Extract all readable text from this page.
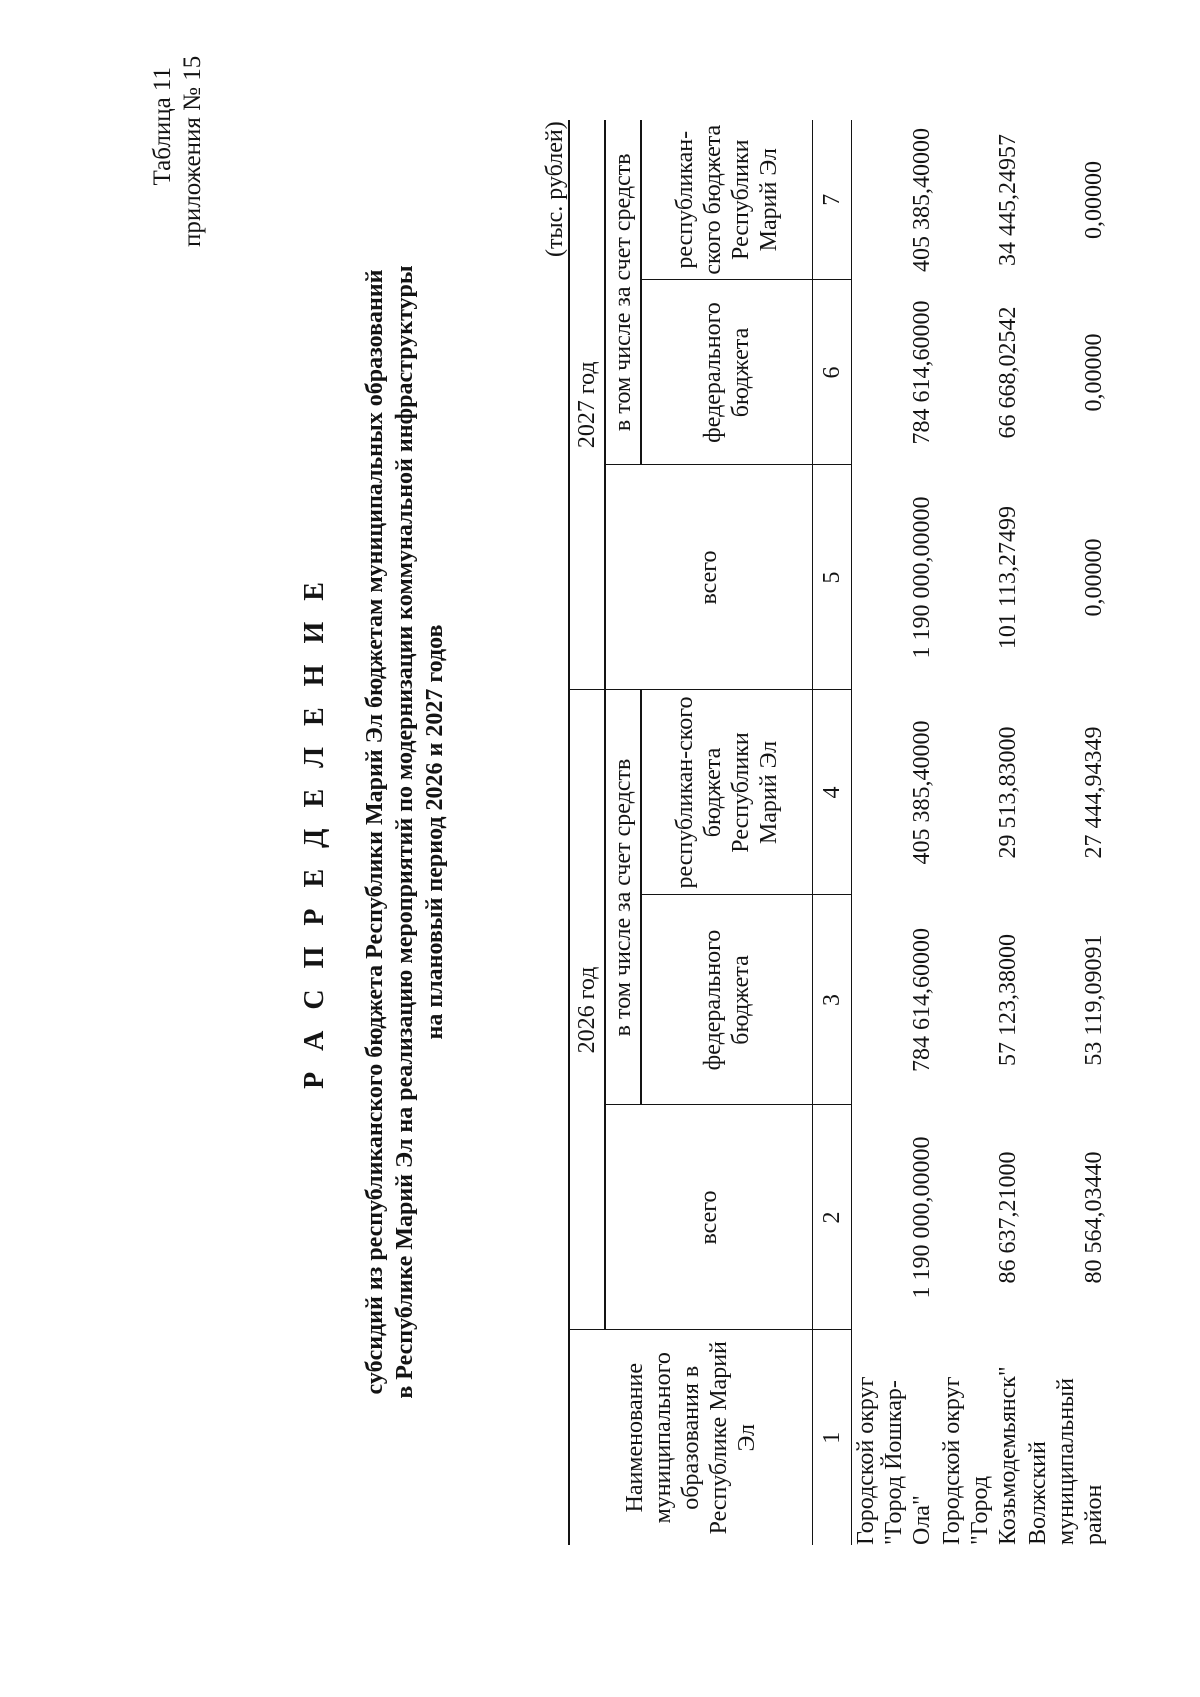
Таблица 11 приложения № 15
Р А С П Р Е Д Е Л Е Н И Е субсидий из республиканского бюджета Республики Марий Эл бюджетам муниципальных образований в Республике Марий Эл на реализацию мероприятий по модернизации коммунальной инфраструктуры на плановый период 2026 и 2027 годов
(тыс. рублей)
Наименование муниципального образования в Республике Марий Эл	2026 год			2027 год		
	всего	в том числе за счет средств		всего	в том числе за счет средств	
		федерального бюджета	республикан-ского бюджета Республики Марий Эл		федерального бюджета	республикан-ского бюджета Республики Марий Эл
1	2	3	4	5	6	7
Городской округ "Город Йошкар-Ола"	1 190 000,00000	784 614,60000	405 385,40000	1 190 000,00000	784 614,60000	405 385,40000
Городской округ "Город Козьмодемьянск"	86 637,21000	57 123,38000	29 513,83000	101 113,27499	66 668,02542	34 445,24957
Волжский муниципальный район	80 564,03440	53 119,09091	27 444,94349	0,00000	0,00000	0,00000
